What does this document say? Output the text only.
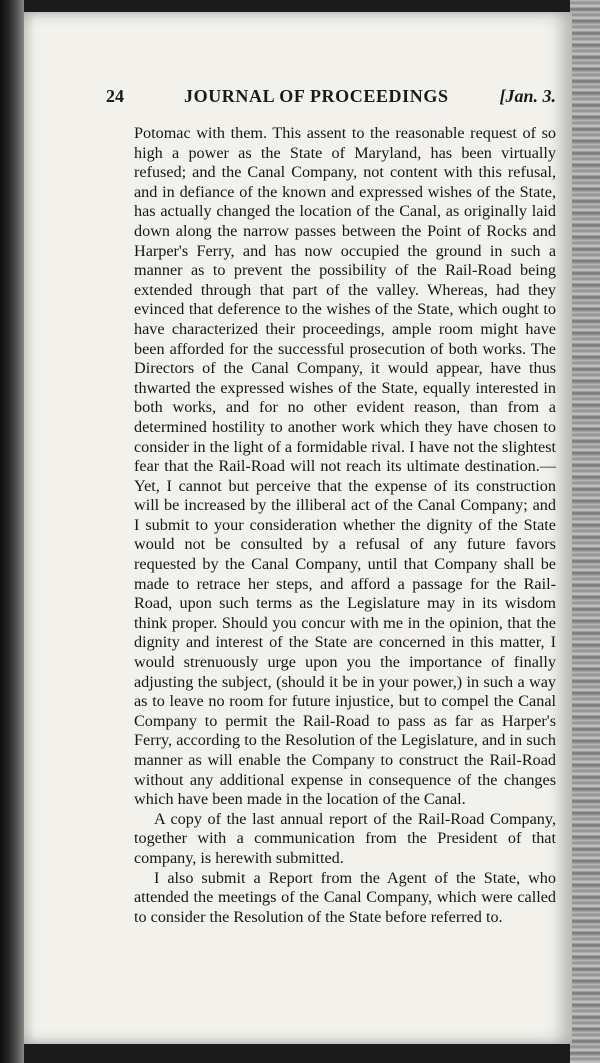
24	JOURNAL OF PROCEEDINGS	[Jan. 3.

Potomac with them. This assent to the reasonable request of so high a power as the State of Maryland, has been virtually refused; and the Canal Company, not content with this refusal, and in defiance of the known and expressed wishes of the State, has actually changed the location of the Canal, as originally laid down along the narrow passes between the Point of Rocks and Harper's Ferry, and has now occupied the ground in such a manner as to prevent the possibility of the Rail-Road being extended through that part of the valley. Whereas, had they evinced that deference to the wishes of the State, which ought to have characterized their proceedings, ample room might have been afforded for the successful prosecution of both works. The Directors of the Canal Company, it would appear, have thus thwarted the expressed wishes of the State, equally interested in both works, and for no other evident reason, than from a determined hostility to another work which they have chosen to consider in the light of a formidable rival. I have not the slightest fear that the Rail-Road will not reach its ultimate destination.—Yet, I cannot but perceive that the expense of its construction will be increased by the illiberal act of the Canal Company; and I submit to your consideration whether the dignity of the State would not be consulted by a refusal of any future favors requested by the Canal Company, until that Company shall be made to retrace her steps, and afford a passage for the Rail-Road, upon such terms as the Legislature may in its wisdom think proper. Should you concur with me in the opinion, that the dignity and interest of the State are concerned in this matter, I would strenuously urge upon you the importance of finally adjusting the subject, (should it be in your power,) in such a way as to leave no room for future injustice, but to compel the Canal Company to permit the Rail-Road to pass as far as Harper's Ferry, according to the Resolution of the Legislature, and in such manner as will enable the Company to construct the Rail-Road without any additional expense in consequence of the changes which have been made in the location of the Canal.

A copy of the last annual report of the Rail-Road Company, together with a communication from the President of that company, is herewith submitted.

I also submit a Report from the Agent of the State, who attended the meetings of the Canal Company, which were called to consider the Resolution of the State before referred to.
